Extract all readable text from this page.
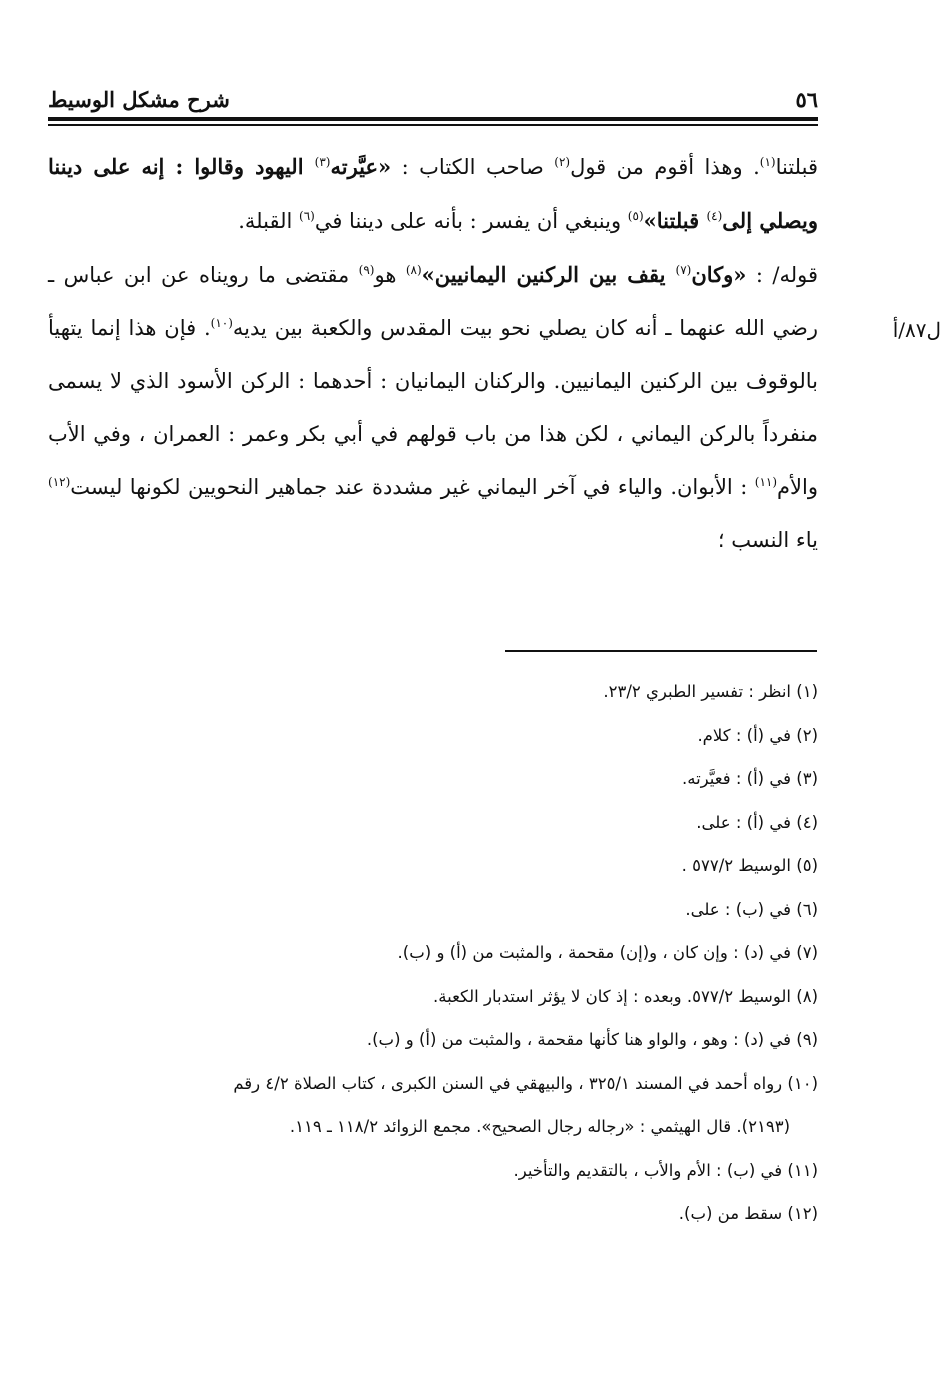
٥٦
شرح مشكل الوسيط
ل٨٧/أ

قبلتنا$^{(١)}$. وهذا أقوم من قول$^{(٢)}$ صاحب الكتاب : «عيَّرته$^{(٣)}$ اليهود وقالوا : إنه على ديننا ويصلي إلى$^{(٤)}$ قبلتنا»$^{(٥)}$ وينبغي أن يفسر : بأنه على ديننا في$^{(٦)}$ القبلة.

قوله/ : «وكان$^{(٧)}$ يقف بين الركنين اليمانيين»$^{(٨)}$ هو$^{(٩)}$ مقتضى ما رويناه عن ابن عباس ـ رضي الله عنهما ـ أنه كان يصلي نحو بيت المقدس والكعبة بين يديه$^{(١٠)}$. فإن هذا إنما يتهيأ بالوقوف بين الركنين اليمانيين. والركنان اليمانيان : أحدهما : الركن الأسود الذي لا يسمى منفرداً بالركن اليماني ، لكن هذا من باب قولهم في أبي بكر وعمر : العمران ، وفي الأب والأم$^{(١١)}$ : الأبوان. والياء في آخر اليماني غير مشددة عند جماهير النحويين لكونها ليست$^{(١٢)}$ ياء النسب ؛

(١) انظر : تفسير الطبري ٢٣/٢.
(٢) في (أ) : كلام.
(٣) في (أ) : فعيَّرته.
(٤) في (أ) : على.
(٥) الوسيط ٥٧٧/٢ .
(٦) في (ب) : على.
(٧) في (د) : وإن كان ، و(إن) مقحمة ، والمثبت من (أ) و (ب).
(٨) الوسيط ٥٧٧/٢. وبعده : إذ كان لا يؤثر استدبار الكعبة.
(٩) في (د) : وهو ، والواو هنا كأنها مقحمة ، والمثبت من (أ) و (ب).
(١٠) رواه أحمد في المسند ٣٢٥/١ ، والبيهقي في السنن الكبرى ، كتاب الصلاة ٤/٢ رقم
(٢١٩٣). قال الهيثمي : «رجاله رجال الصحيح». مجمع الزوائد ١١٨/٢ ـ ١١٩.
(١١) في (ب) : الأم والأب ، بالتقديم والتأخير.
(١٢) سقط من (ب).
